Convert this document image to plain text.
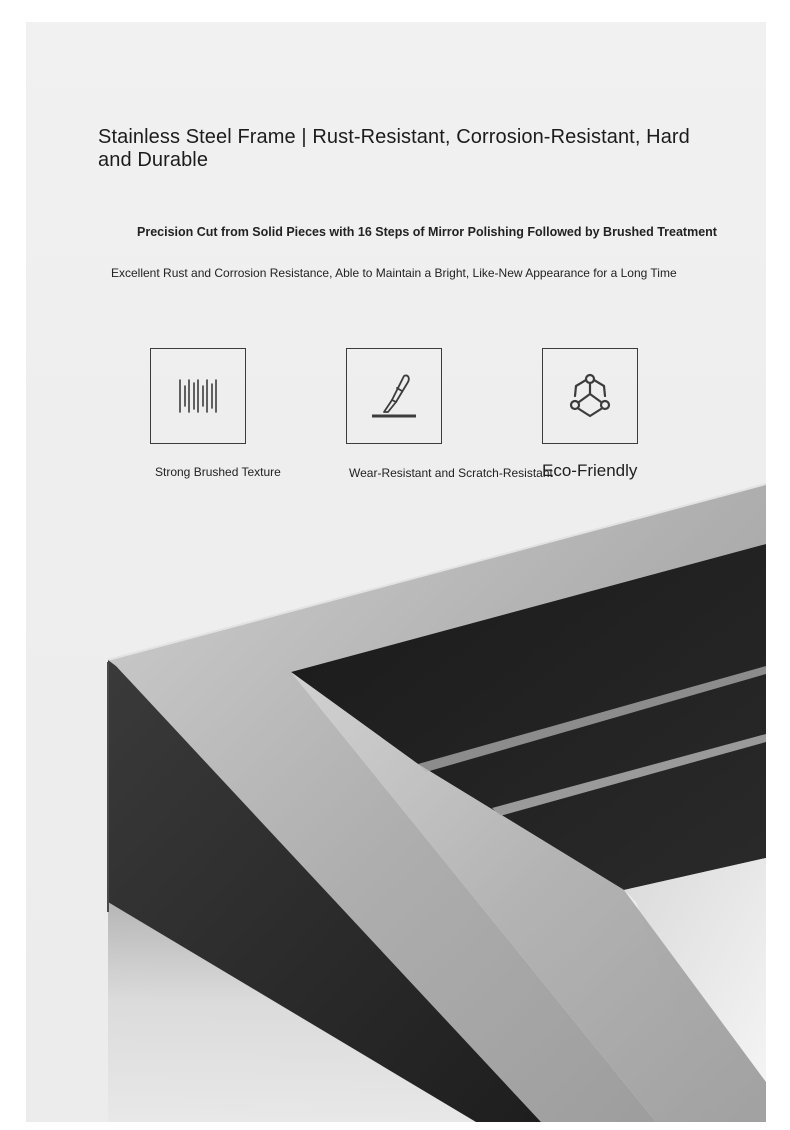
Stainless Steel Frame | Rust-Resistant, Corrosion-Resistant, Hard and Durable

Precision Cut from Solid Pieces with 16 Steps of Mirror Polishing Followed by Brushed Treatment

Excellent Rust and Corrosion Resistance, Able to Maintain a Bright, Like-New Appearance for a Long Time

Strong Brushed Texture	Wear-Resistant and Scratch-Resistant

Eco-Friendly
